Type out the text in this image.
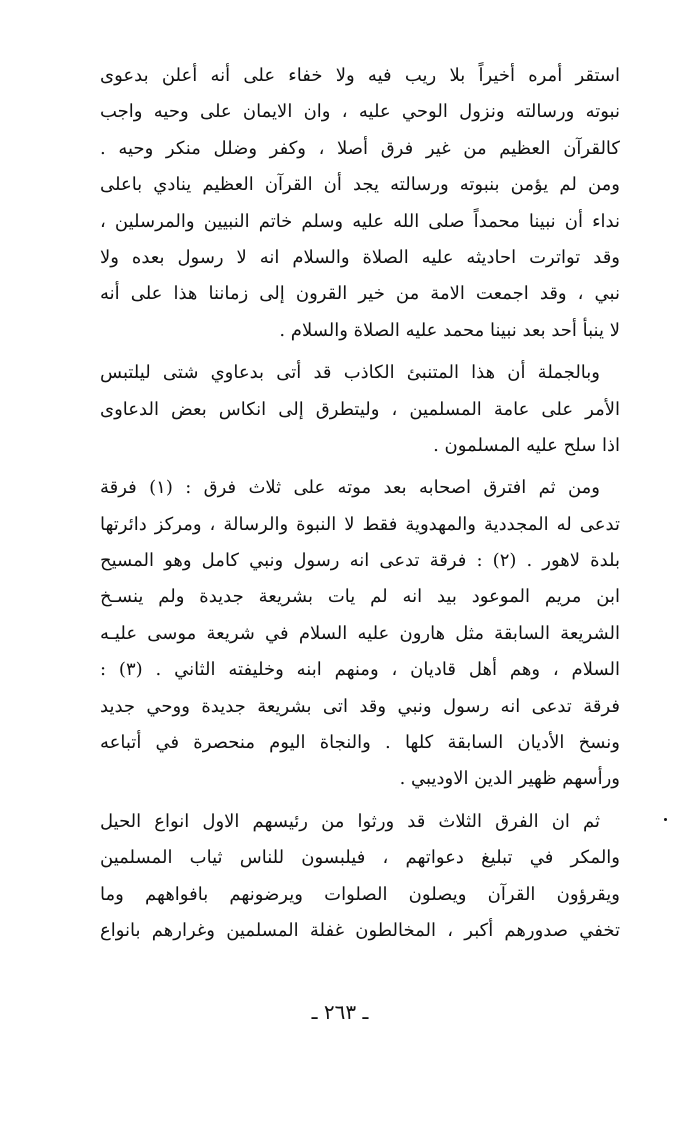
استقر أمره أخيراً بلا ريب فيه ولا خفاء على أنه أعلن بدعوى
نبوته ورسالته ونزول الوحي عليه ، وان الايمان على وحيه واجب
كالقرآن العظيم من غير فرق أصلا ، وكفر وضلل منكر وحيه .
ومن لم يؤمن بنبوته ورسالته يجد أن القرآن العظيم ينادي باعلى
نداء أن نبينا محمداً صلى الله عليه وسلم خاتم النبيين والمرسلين ،
وقد تواترت احاديثه عليه الصلاة والسلام انه لا رسول بعده ولا
نبي ، وقد اجمعت الامة من خير القرون إلى زماننا هذا على أنه
لا ينبأ أحد بعد نبينا محمد عليه الصلاة والسلام .
وبالجملة أن هذا المتنبئ الكاذب قد أتى بدعاوي شتى ليلتبس
الأمر على عامة المسلمين ، وليتطرق إلى انكاس بعض الدعاوى
اذا سلح عليه المسلمون .
ومن ثم افترق اصحابه بعد موته على ثلاث فرق : (١) فرقة
تدعى له المجددية والمهدوية فقط لا النبوة والرسالة ، ومركز دائرتها
بلدة لاهور . (٢) : فرقة تدعى انه رسول ونبي كامل وهو المسيح
ابن مريم الموعود بيد انه لم يات بشريعة جديدة ولم ينسـخ
الشريعة السابقة مثل هارون عليه السلام في شريعة موسى عليـه
السلام ، وهم أهل قاديان ، ومنهم ابنه وخليفته الثاني . (٣) :
فرقة تدعى انه رسول ونبي وقد اتى بشريعة جديدة ووحي جديد
ونسخ الأديان السابقة كلها . والنجاة اليوم منحصرة في أتباعه
ورأسهم ظهير الدين الاوديبي .
ثم ان الفرق الثلاث قد ورثوا من رئيسهم الاول انواع الحيل
والمكر في تبليغ دعواتهم ، فيلبسون للناس ثياب المسلمين
ويقرؤون القرآن ويصلون الصلوات ويرضونهم بافواههم وما
تخفي صدورهم أكبر ، المخالطون غفلة المسلمين وغرارهم بانواع
ـ ٢٦٣ ـ
